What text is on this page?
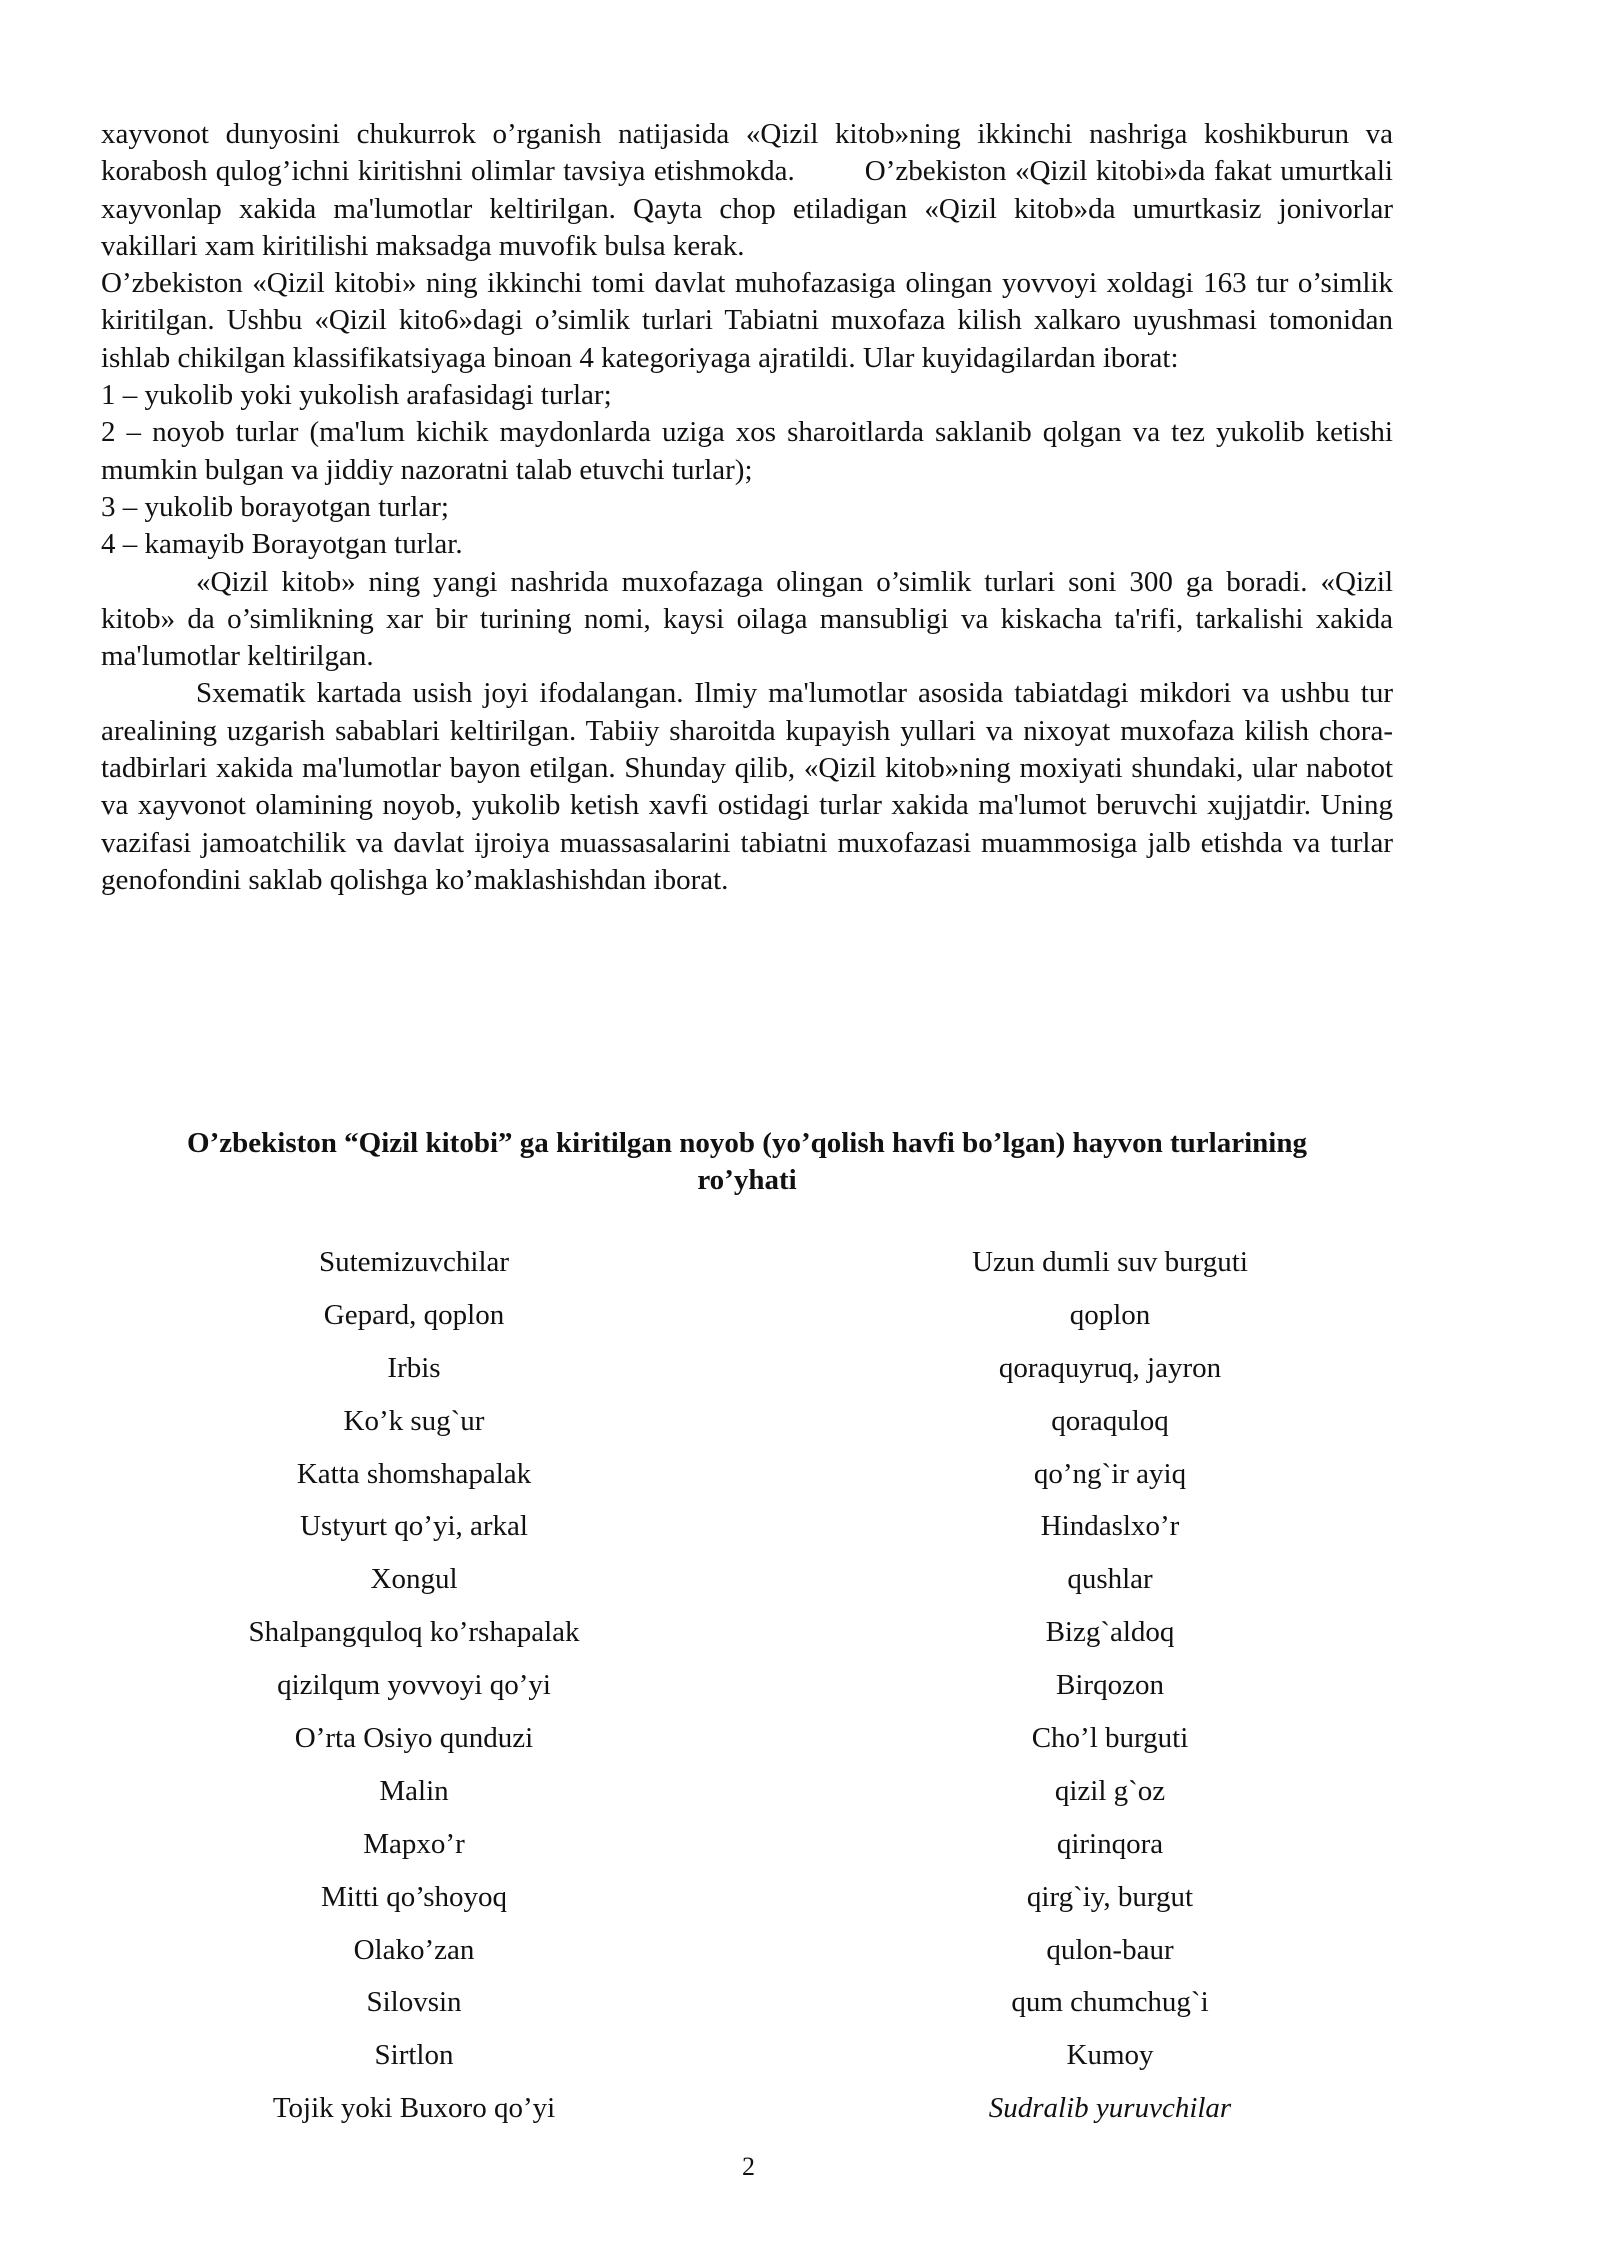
xayvonot dunyosini chukurrok o’rganish natijasida «Qizil kitob»ning ikkinchi nashriga koshikburun va korabosh qulog’ichni kiritishni olimlar tavsiya etishmokda. O’zbekiston «Qizil kitobi»da fakat umurtkali xayvonlap xakida ma'lumotlar keltirilgan. Qayta chop etiladigan «Qizil kitob»da umurtkasiz jonivorlar vakillari xam kiritilishi maksadga muvofik bulsa kerak.

O’zbekiston «Qizil kitobi» ning ikkinchi tomi davlat muhofazasiga olingan yovvoyi xoldagi 163 tur o’simlik kiritilgan. Ushbu «Qizil kito6»dagi o’simlik turlari Tabiatni muxofaza kilish xalkaro uyushmasi tomonidan ishlab chikilgan klassifikatsiyaga binoan 4 kategoriyaga ajratildi. Ular kuyidagilardan iborat:

1 – yukolib yoki yukolish arafasidagi turlar;

2 – noyob turlar (ma'lum kichik maydonlarda uziga xos sharoitlarda saklanib qolgan va tez yukolib ketishi mumkin bulgan va jiddiy nazoratni talab etuvchi turlar);

3 – yukolib borayotgan turlar;

4 – kamayib Borayotgan turlar.

«Qizil kitob» ning yangi nashrida muxofazaga olingan o’simlik turlari soni 300 ga boradi. «Qizil kitob» da o’simlikning xar bir turining nomi, kaysi oilaga mansubligi va kiskacha ta'rifi, tarkalishi xakida ma'lumotlar keltirilgan.

Sxematik kartada usish joyi ifodalangan. Ilmiy ma'lumotlar asosida tabiatdagi mikdori va ushbu tur arealining uzgarish sabablari keltirilgan. Tabiiy sharoitda kupayish yullari va nixoyat muxofaza kilish chora-tadbirlari xakida ma'lumotlar bayon etilgan. Shunday qilib, «Qizil kitob»ning moxiyati shundaki, ular nabotot va xayvonot olamining noyob, yukolib ketish xavfi ostidagi turlar xakida ma'lumot beruvchi xujjatdir. Uning vazifasi jamoatchilik va davlat ijroiya muassasalarini tabiatni muxofazasi muammosiga jalb etishda va turlar genofondini saklab qolishga ko’maklashishdan iborat.

O’zbekiston “Qizil kitobi” ga kiritilgan noyob (yo’qolish havfi bo’lgan) hayvon turlarining
ro’yhati
Sutemizuvchilar
Gepard, qoplon
Irbis
Ko’k sug`ur
Katta shomshapalak
Ustyurt qo’yi, arkal
Xongul
Shalpangquloq ko’rshapalak
qizilqum yovvoyi qo’yi
O’rta Osiyo qunduzi
Malin
Mapxo’r
Mitti qo’shoyoq
Olako’zan
Silovsin
Sirtlon
Tojik yoki Buxoro qo’yi
Uzun dumli suv burguti
qoplon
qoraquyruq, jayron
qoraquloq
qo’ng`ir ayiq
Hindaslxo’r
qushlar
Bizg`aldoq
Birqozon
Cho’l burguti
qizil g`oz
qirinqora
qirg`iy, burgut
qulon-baur
qum chumchug`i
Kumoy
Sudralib yuruvchilar
2
